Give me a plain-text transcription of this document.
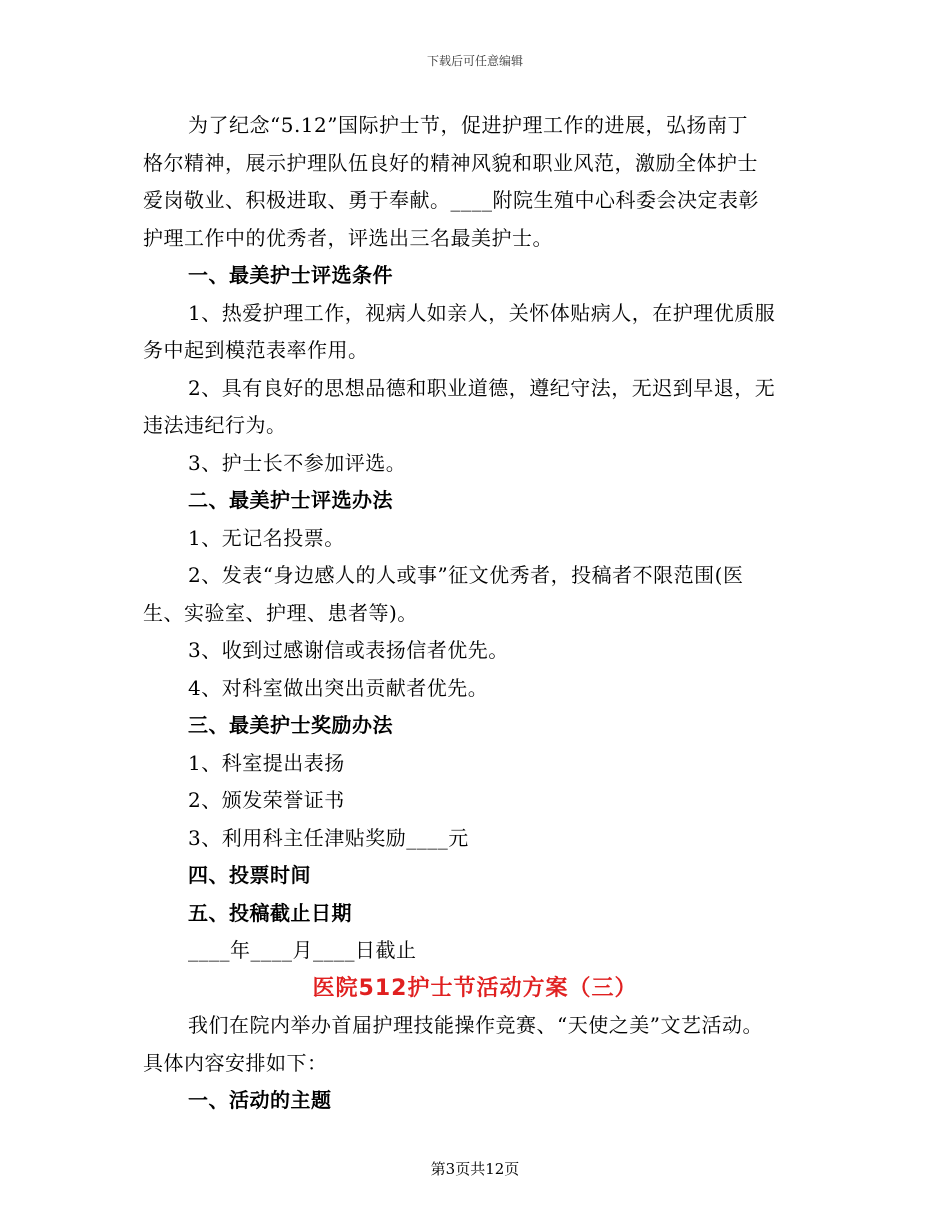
下载后可任意编辑

为了纪念“5.12”国际护士节，促进护理工作的进展，弘扬南丁

格尔精神，展示护理队伍良好的精神风貌和职业风范，激励全体护士

爱岗敬业、积极进取、勇于奉献。____附院生殖中心科委会决定表彰

护理工作中的优秀者，评选出三名最美护士。

一、最美护士评选条件

1、热爱护理工作，视病人如亲人，关怀体贴病人，在护理优质服

务中起到模范表率作用。

2、具有良好的思想品德和职业道德，遵纪守法，无迟到早退，无

违法违纪行为。

3、护士长不参加评选。

二、最美护士评选办法

1、无记名投票。

2、发表“身边感人的人或事”征文优秀者，投稿者不限范围(医

生、实验室、护理、患者等)。

3、收到过感谢信或表扬信者优先。

4、对科室做出突出贡献者优先。

三、最美护士奖励办法

1、科室提出表扬

2、颁发荣誉证书

3、利用科主任津贴奖励____元

四、投票时间

五、投稿截止日期

____年____月____日截止

医院512护士节活动方案（三）

我们在院内举办首届护理技能操作竞赛、“天使之美”文艺活动。

具体内容安排如下：

一、活动的主题

第3页共12页
